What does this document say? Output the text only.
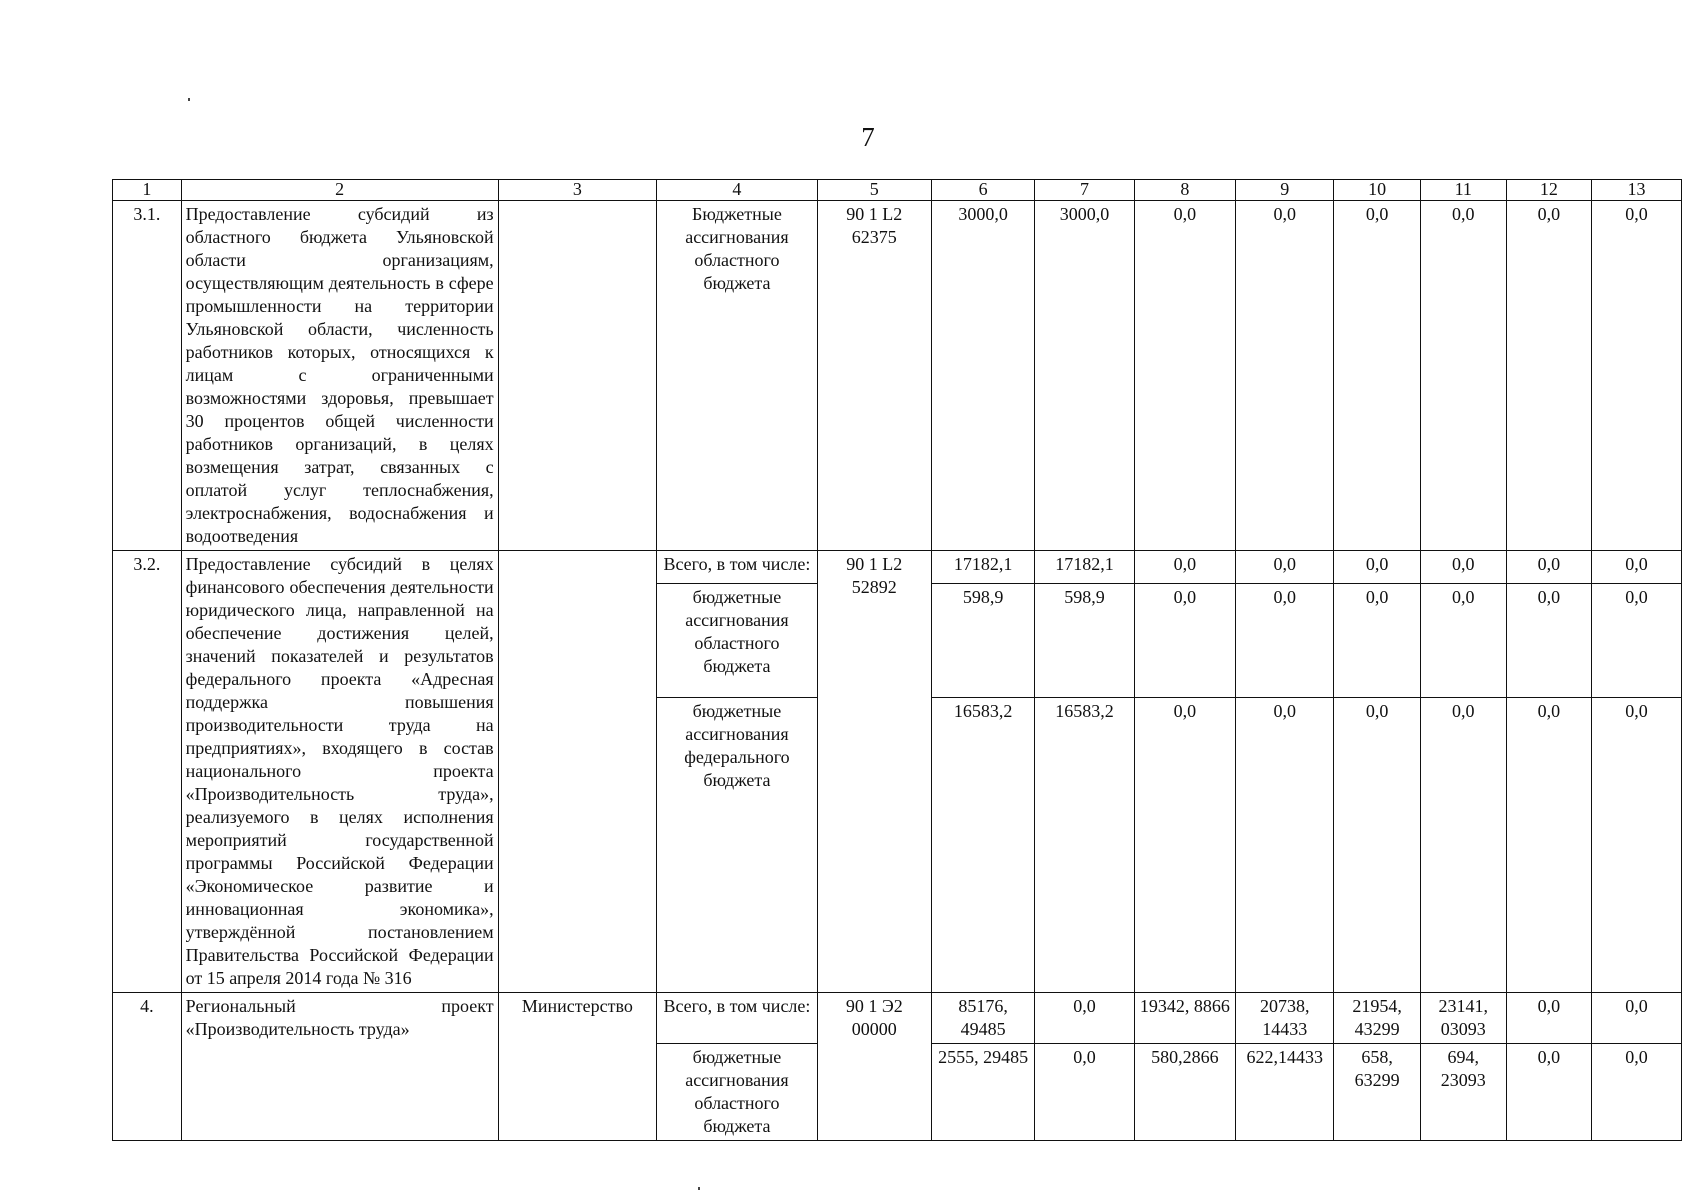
7
1	2	3	4	5	6	7	8	9	10	11	12	13
3.1.	Предоставление субсидий из областного бюджета Ульяновской области организациям, осуществляющим деятельность в сфере промышленности на территории Ульяновской области, численность работников которых, относящихся к лицам с ограниченными возможностями здоровья, превышает 30 процентов общей численности работников организаций, в целях возмещения затрат, связанных с оплатой услуг теплоснабжения, электроснабжения, водоснабжения и водоотведения		Бюджетные ассигнования областного бюджета	90 1 L2 62375	3000,0	3000,0	0,0	0,0	0,0	0,0	0,0	0,0
3.2.	Предоставление субсидий в целях финансового обеспечения деятельности юридического лица, направленной на обеспечение достижения целей, значений показателей и результатов федерального проекта «Адресная поддержка повышения производительности труда на предприятиях», входящего в состав национального проекта «Производительность труда», реализуемого в целях исполнения мероприятий государственной программы Российской Федерации «Экономическое развитие и инновационная экономика», утверждённой постановлением Правительства Российской Федерации от 15 апреля 2014 года № 316		Всего, в том числе:	90 1 L2 52892	17182,1	17182,1	0,0	0,0	0,0	0,0	0,0	0,0
			бюджетные ассигнования областного бюджета		598,9	598,9	0,0	0,0	0,0	0,0	0,0	0,0
			бюджетные ассигнования федерального бюджета		16583,2	16583,2	0,0	0,0	0,0	0,0	0,0	0,0
4.	Региональный проект «Производительность труда»	Министерство	Всего, в том числе:	90 1 Э2 00000	85176, 49485	0,0	19342, 8866	20738, 14433	21954, 43299	23141, 03093	0,0	0,0
			бюджетные ассигнования областного бюджета		2555, 29485	0,0	580,2866	622,14433	658, 63299	694, 23093	0,0	0,0
